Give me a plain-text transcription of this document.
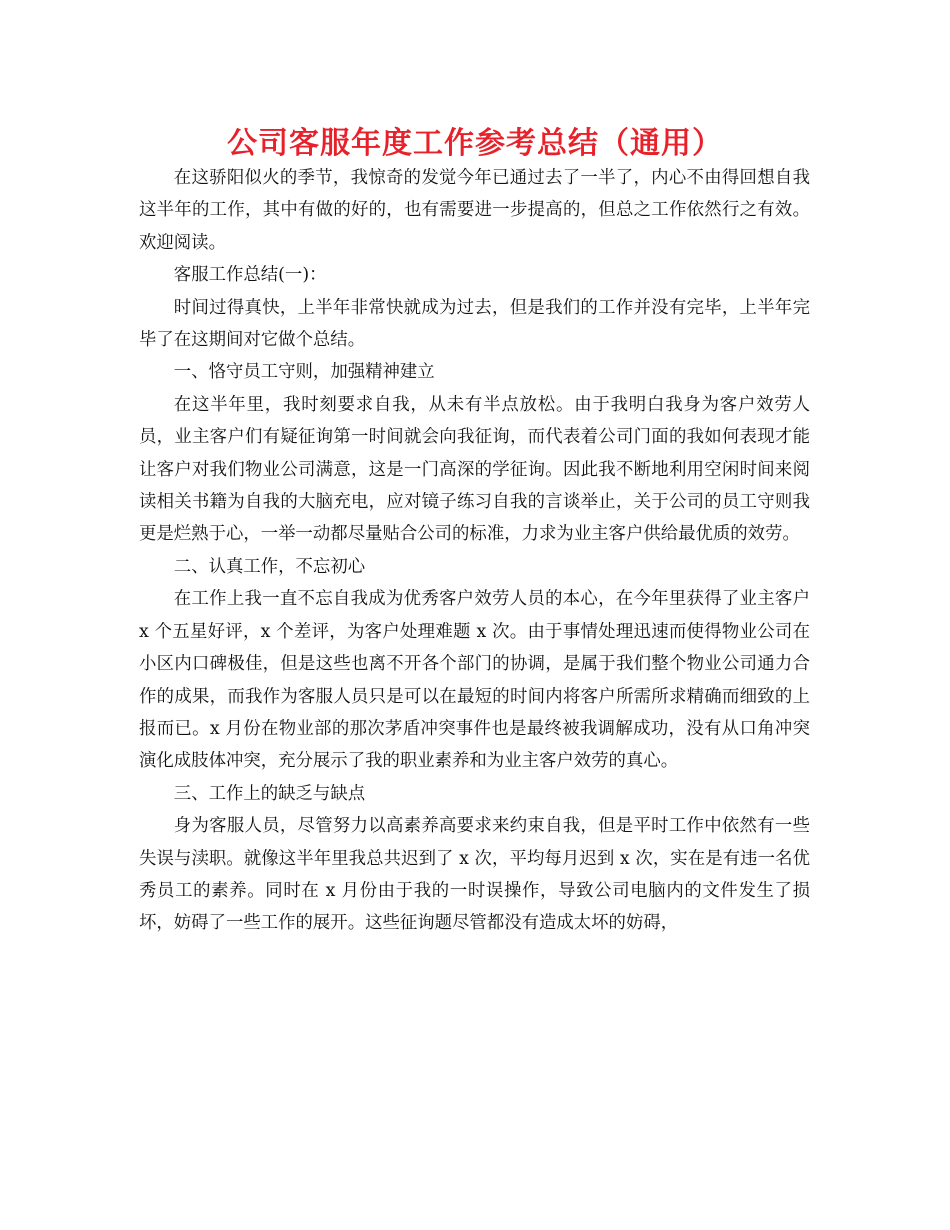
公司客服年度工作参考总结（通用）

在这骄阳似火的季节，我惊奇的发觉今年已通过去了一半了，内心不由得回想自我这半年的工作，其中有做的好的，也有需要进一步提高的，但总之工作依然行之有效。欢迎阅读。

客服工作总结(一)：

时间过得真快，上半年非常快就成为过去，但是我们的工作并没有完毕，上半年完毕了在这期间对它做个总结。

一、恪守员工守则，加强精神建立

在这半年里，我时刻要求自我，从未有半点放松。由于我明白我身为客户效劳人员，业主客户们有疑征询第一时间就会向我征询，而代表着公司门面的我如何表现才能让客户对我们物业公司满意，这是一门高深的学征询。因此我不断地利用空闲时间来阅读相关书籍为自我的大脑充电，应对镜子练习自我的言谈举止，关于公司的员工守则我更是烂熟于心，一举一动都尽量贴合公司的标准，力求为业主客户供给最优质的效劳。

二、认真工作，不忘初心

在工作上我一直不忘自我成为优秀客户效劳人员的本心，在今年里获得了业主客户 x 个五星好评，x 个差评，为客户处理难题 x 次。由于事情处理迅速而使得物业公司在小区内口碑极佳，但是这些也离不开各个部门的协调，是属于我们整个物业公司通力合作的成果，而我作为客服人员只是可以在最短的时间内将客户所需所求精确而细致的上报而已。x 月份在物业部的那次茅盾冲突事件也是最终被我调解成功，没有从口角冲突演化成肢体冲突，充分展示了我的职业素养和为业主客户效劳的真心。

三、工作上的缺乏与缺点

身为客服人员，尽管努力以高素养高要求来约束自我，但是平时工作中依然有一些失误与渎职。就像这半年里我总共迟到了 x 次，平均每月迟到 x 次，实在是有违一名优秀员工的素养。同时在 x 月份由于我的一时误操作，导致公司电脑内的文件发生了损坏，妨碍了一些工作的展开。这些征询题尽管都没有造成太坏的妨碍，
